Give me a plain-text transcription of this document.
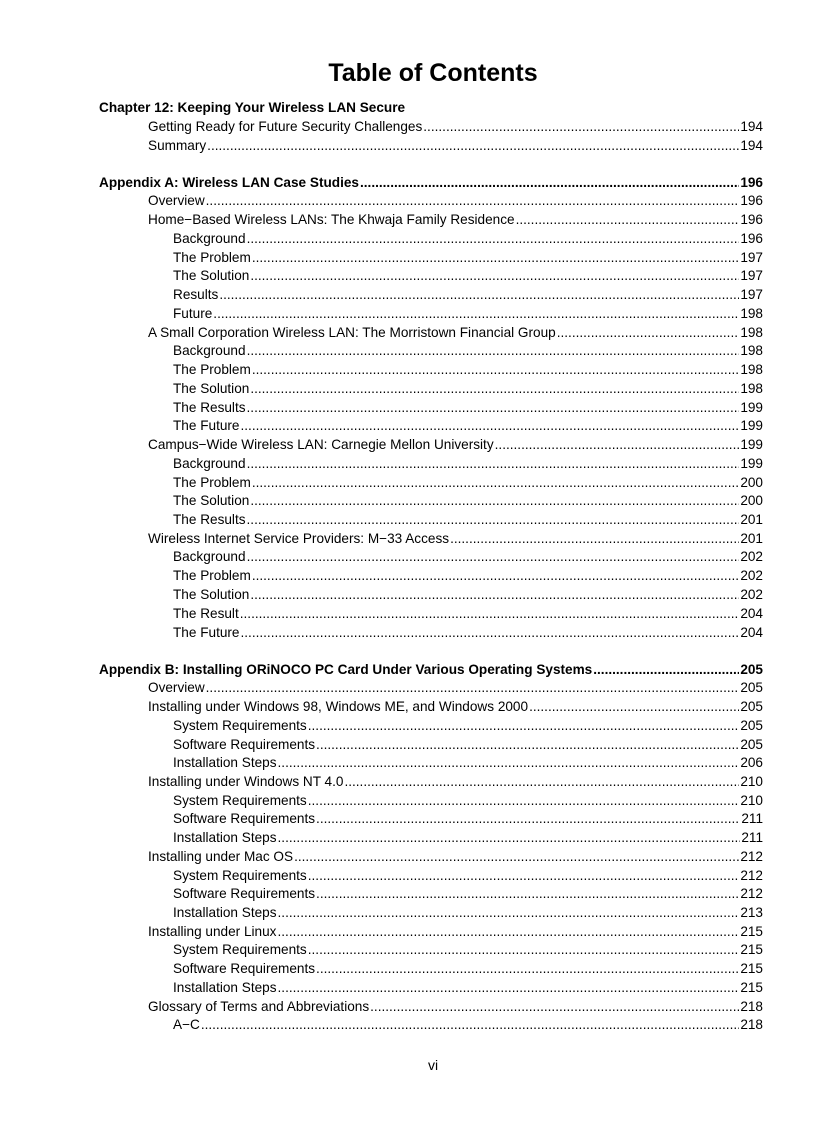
Table of Contents
Chapter 12: Keeping Your Wireless LAN Secure
Getting Ready for Future Security Challenges .....	194
Summary .....	194
Appendix A: Wireless LAN Case Studies .....	196
Overview .....	196
Home−Based Wireless LANs: The Khwaja Family Residence .....	196
Background .....	196
The Problem .....	197
The Solution .....	197
Results .....	197
Future .....	198
A Small Corporation Wireless LAN: The Morristown Financial Group .....	198
Background .....	198
The Problem .....	198
The Solution .....	198
The Results .....	199
The Future .....	199
Campus−Wide Wireless LAN: Carnegie Mellon University .....	199
Background .....	199
The Problem .....	200
The Solution .....	200
The Results .....	201
Wireless Internet Service Providers: M−33 Access .....	201
Background .....	202
The Problem .....	202
The Solution .....	202
The Result .....	204
The Future .....	204
Appendix B: Installing ORiNOCO PC Card Under Various Operating Systems .....	205
Overview .....	205
Installing under Windows 98, Windows ME, and Windows 2000 .....	205
System Requirements .....	205
Software Requirements .....	205
Installation Steps .....	206
Installing under Windows NT 4.0 .....	210
System Requirements .....	210
Software Requirements .....	211
Installation Steps .....	211
Installing under Mac OS .....	212
System Requirements .....	212
Software Requirements .....	212
Installation Steps .....	213
Installing under Linux .....	215
System Requirements .....	215
Software Requirements .....	215
Installation Steps .....	215
Glossary of Terms and Abbreviations .....	218
A−C .....	218
vi
